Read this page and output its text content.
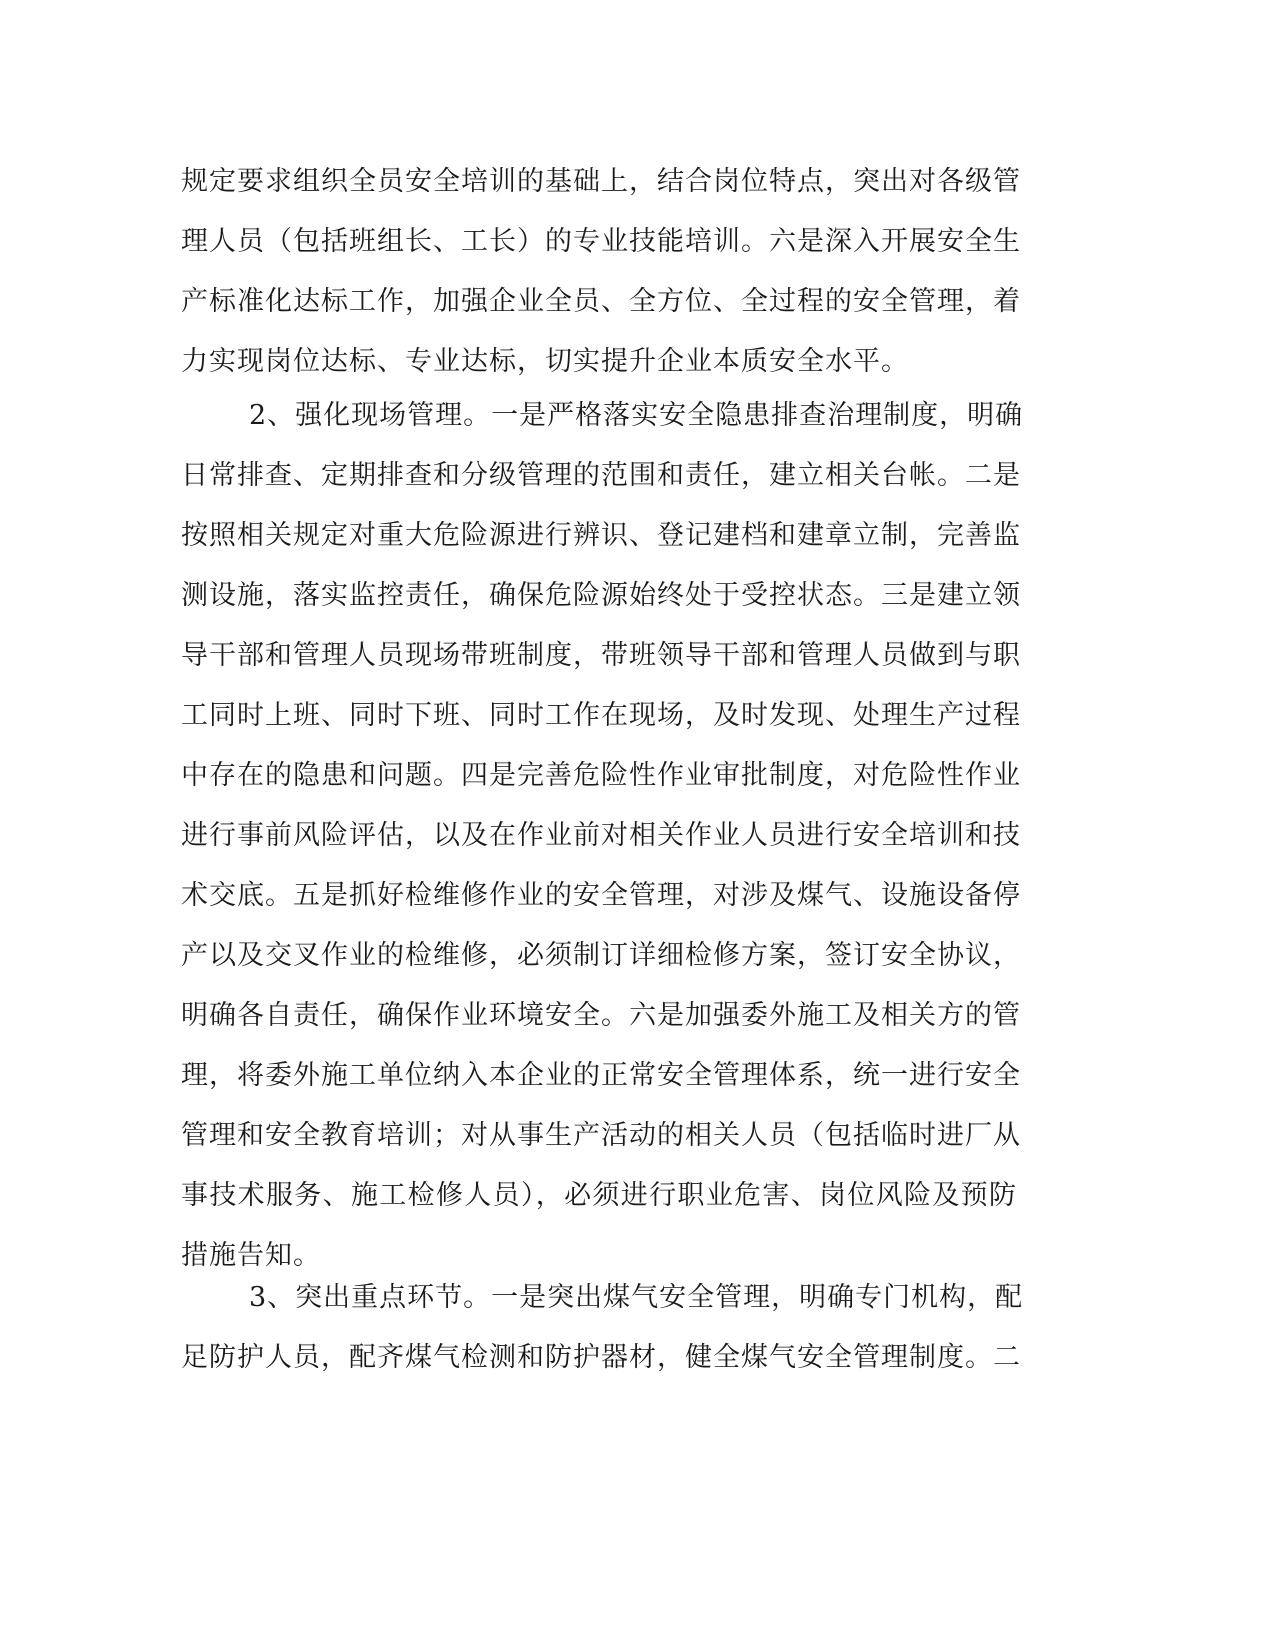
规定要求组织全员安全培训的基础上，结合岗位特点，突出对各级管
理人员（包括班组长、工长）的专业技能培训。六是深入开展安全生
产标准化达标工作，加强企业全员、全方位、全过程的安全管理，着
力实现岗位达标、专业达标，切实提升企业本质安全水平。
2、强化现场管理。一是严格落实安全隐患排查治理制度，明确
日常排查、定期排查和分级管理的范围和责任，建立相关台帐。二是
按照相关规定对重大危险源进行辨识、登记建档和建章立制，完善监
测设施，落实监控责任，确保危险源始终处于受控状态。三是建立领
导干部和管理人员现场带班制度，带班领导干部和管理人员做到与职
工同时上班、同时下班、同时工作在现场，及时发现、处理生产过程
中存在的隐患和问题。四是完善危险性作业审批制度，对危险性作业
进行事前风险评估，以及在作业前对相关作业人员进行安全培训和技
术交底。五是抓好检维修作业的安全管理，对涉及煤气、设施设备停
产以及交叉作业的检维修，必须制订详细检修方案，签订安全协议，
明确各自责任，确保作业环境安全。六是加强委外施工及相关方的管
理，将委外施工单位纳入本企业的正常安全管理体系，统一进行安全
管理和安全教育培训；对从事生产活动的相关人员（包括临时进厂从
事技术服务、施工检修人员），必须进行职业危害、岗位风险及预防
措施告知。
3、突出重点环节。一是突出煤气安全管理，明确专门机构，配
足防护人员，配齐煤气检测和防护器材，健全煤气安全管理制度。二
